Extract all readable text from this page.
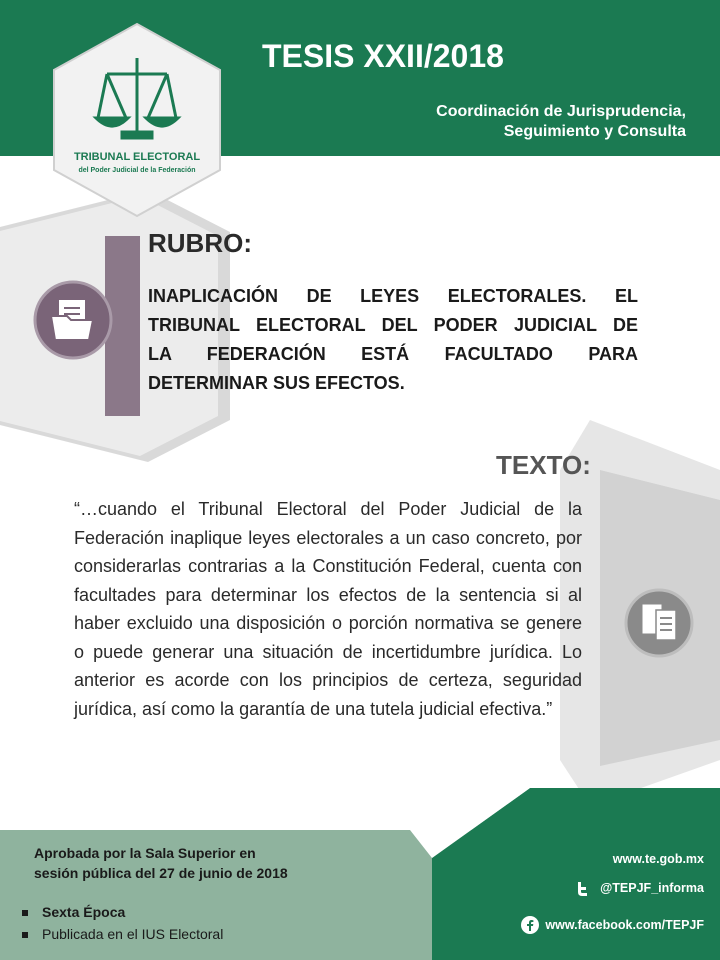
TRIBUNAL ELECTORAL
del Poder Judicial de la Federación
TESIS XXII/2018
Coordinación de Jurisprudencia,
Seguimiento y Consulta
RUBRO:
INAPLICACIÓN DE LEYES ELECTORALES. EL
TRIBUNAL ELECTORAL DEL PODER JUDICIAL DE
LA FEDERACIÓN ESTÁ FACULTADO PARA
DETERMINAR SUS EFECTOS.
TEXTO:
“…cuando el Tribunal Electoral del Poder Judicial de la Federación inaplique leyes electorales a un caso concreto, por considerarlas contrarias a la Constitución Federal, cuenta con facultades para determinar los efectos de la sentencia si al haber excluido una disposición o porción normativa se genere o puede generar una situación de incertidumbre jurídica. Lo anterior es acorde con los principios de certeza, seguridad jurídica, así como la garantía de una tutela judicial efectiva.”
Aprobada por la Sala Superior en
sesión pública del 27 de junio de 2018
Sexta Época
Publicada en el IUS Electoral
www.te.gob.mx
@TEPJF_informa
www.facebook.com/TEPJF
